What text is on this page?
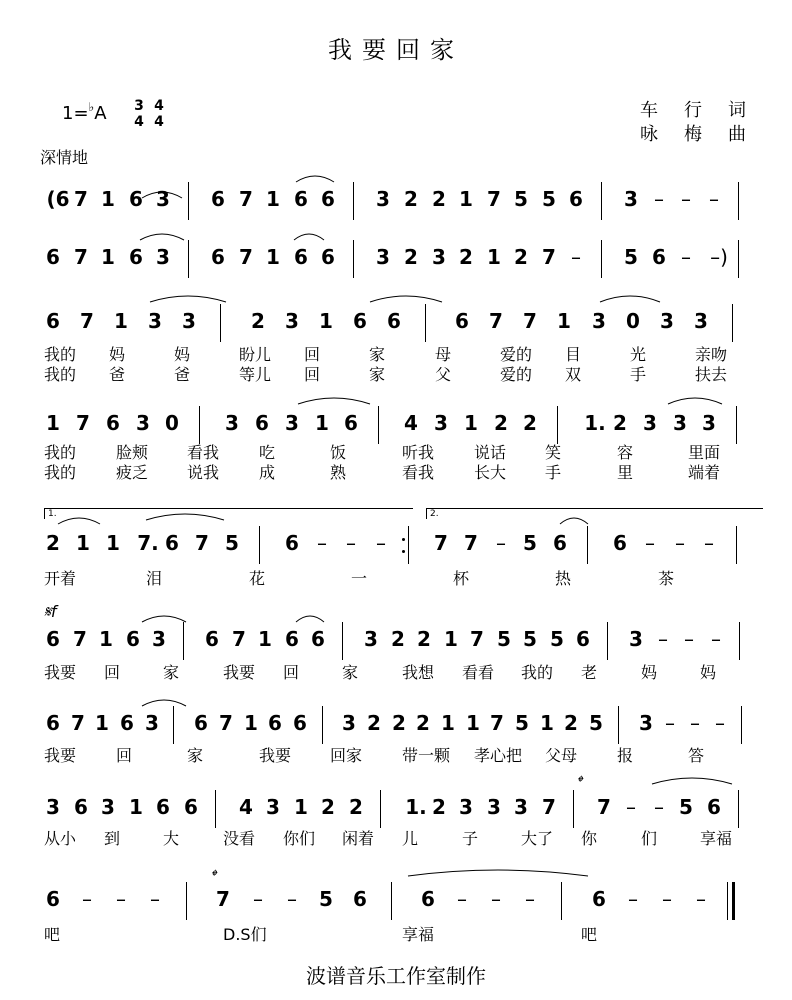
我要回家
1=♭A 3
4
4
4
车行词
咏梅曲
深情地
(6 7 1 6 3 6 7 1 6 6 3 2 2 1 7 5 5 6 3 – – –
6 7 1 6 3 6 7 1 6 6 3 2 3 2 1 2 7 – 5 6 – –)
6 7 1 3 3	2 3 1 6 6	6 7 7 1 3 0 3 3
我的 妈	妈	盼儿 回	家	母	爱的 目	光	亲吻
我的 爸	爸	等儿 回	家	父	爱的 双	手	扶去
1 7 6 3 0 3 6 3 1 6 4 3 1 2 2 1. 2 3 3 3
我的 脸颊 看我 吃	饭	听我 说话 笑	容	里面
我的 疲乏 说我 成	熟	看我 长大 手	里	端着
2 1 1 7. 6 7 5 6 – – – 7 7 – 5 6 6 – – –
开着	泪	花	一	杯	热	茶
6 7 1 6 3 6 7 1 6 6 3 2 2 1 7 5 5 5 6 3 – – –
我要 回	家	我要 回	家	我想 看看 我的 老	妈	妈
6 7 1 6 3 6 7 1 6 6 3 2 2 2 1 1 7 5 1 2 5 3 – – –
我要 回	家	我要 回家 带一颗 孝心把 父母 报	答
3 6 3 1 6 6 4 3 1 2 2 1. 2 3 3 3 7 7 – – 5 6
从小 到	大	没看 你们 闲着 儿	子	大了 你	们	享福
6 – – –	7 – – 5 6	6 – – –	6 – – –
吧	D.S们	享福	吧
𝄋f
𝄌
𝄌
1.	2.
波谱音乐工作室制作
